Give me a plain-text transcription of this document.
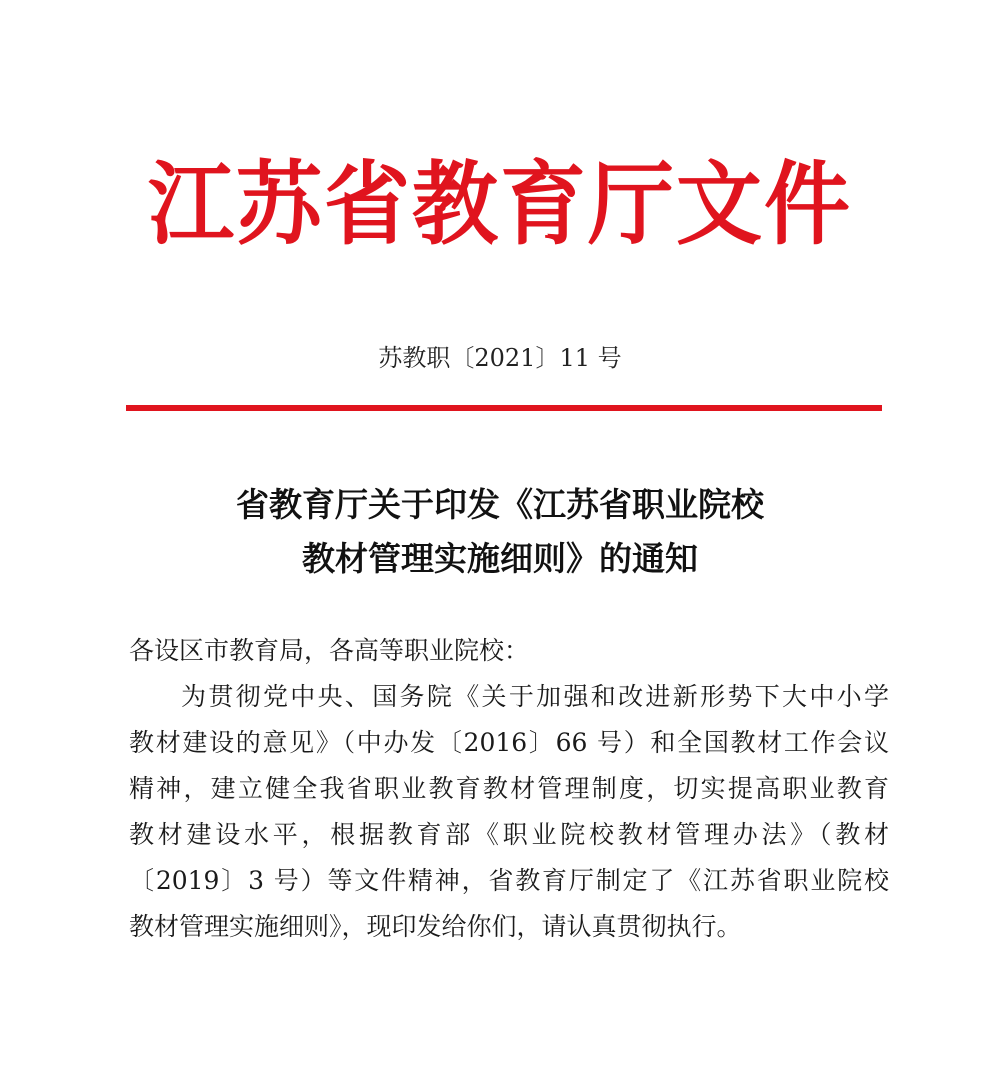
江苏省教育厅文件
苏教职〔2021〕11 号
省教育厅关于印发《江苏省职业院校
教材管理实施细则》的通知
各设区市教育局，各高等职业院校：
为贯彻党中央、国务院《关于加强和改进新形势下大中小学
教材建设的意见》（中办发〔2016〕66 号）和全国教材工作会议
精神，建立健全我省职业教育教材管理制度，切实提高职业教育
教材建设水平，根据教育部《职业院校教材管理办法》（教材
〔2019〕3 号）等文件精神，省教育厅制定了《江苏省职业院校
教材管理实施细则》，现印发给你们，请认真贯彻执行。
